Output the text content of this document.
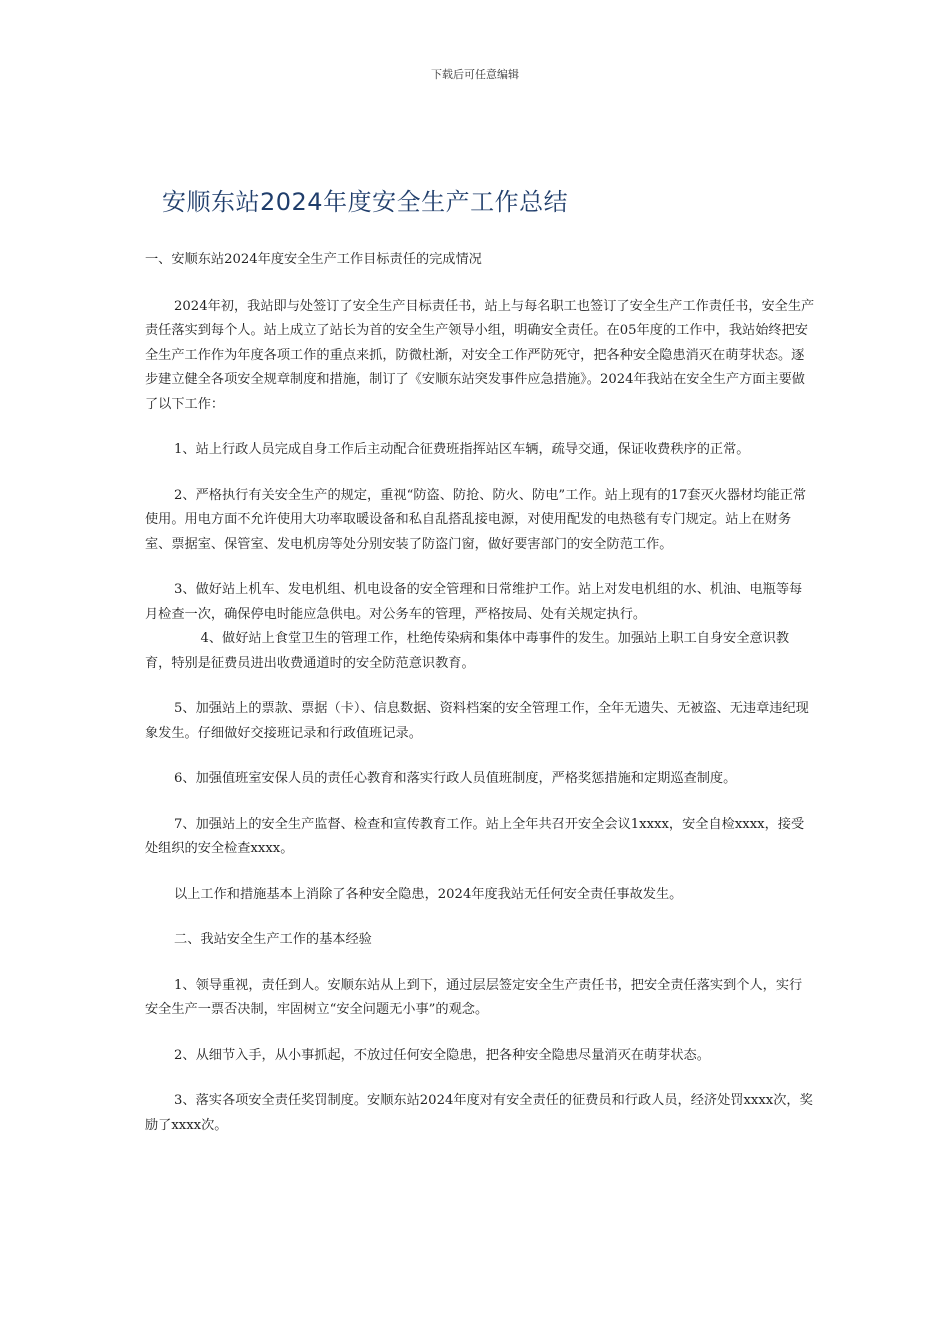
下载后可任意编辑
安顺东站2024年度安全生产工作总结

一、安顺东站2024年度安全生产工作目标责任的完成情况

2024年初，我站即与处签订了安全生产目标责任书，站上与每名职工也签订了安全生产工作责任书，安全生产责任落实到每个人。站上成立了站长为首的安全生产领导小组，明确安全责任。在05年度的工作中，我站始终把安全生产工作作为年度各项工作的重点来抓，防微杜渐，对安全工作严防死守，把各种安全隐患消灭在萌芽状态。逐步建立健全各项安全规章制度和措施，制订了《安顺东站突发事件应急措施》。2024年我站在安全生产方面主要做了以下工作：

1、站上行政人员完成自身工作后主动配合征费班指挥站区车辆，疏导交通，保证收费秩序的正常。

2、严格执行有关安全生产的规定，重视“防盗、防抢、防火、防电”工作。站上现有的17套灭火器材均能正常使用。用电方面不允许使用大功率取暖设备和私自乱搭乱接电源，对使用配发的电热毯有专门规定。站上在财务室、票据室、保管室、发电机房等处分别安装了防盗门窗，做好要害部门的安全防范工作。

3、做好站上机车、发电机组、机电设备的安全管理和日常维护工作。站上对发电机组的水、机油、电瓶等每月检查一次，确保停电时能应急供电。对公务车的管理，严格按局、处有关规定执行。

4、做好站上食堂卫生的管理工作，杜绝传染病和集体中毒事件的发生。加强站上职工自身安全意识教育，特别是征费员进出收费通道时的安全防范意识教育。

5、加强站上的票款、票据（卡）、信息数据、资料档案的安全管理工作，全年无遗失、无被盗、无违章违纪现象发生。仔细做好交接班记录和行政值班记录。

6、加强值班室安保人员的责任心教育和落实行政人员值班制度，严格奖惩措施和定期巡查制度。

7、加强站上的安全生产监督、检查和宣传教育工作。站上全年共召开安全会议1xxxx，安全自检xxxx，接受处组织的安全检查xxxx。

以上工作和措施基本上消除了各种安全隐患，2024年度我站无任何安全责任事故发生。

二、我站安全生产工作的基本经验

1、领导重视，责任到人。安顺东站从上到下，通过层层签定安全生产责任书，把安全责任落实到个人，实行安全生产一票否决制，牢固树立“安全问题无小事”的观念。

2、从细节入手，从小事抓起，不放过任何安全隐患，把各种安全隐患尽量消灭在萌芽状态。

3、落实各项安全责任奖罚制度。安顺东站2024年度对有安全责任的征费员和行政人员，经济处罚xxxx次，奖励了xxxx次。
